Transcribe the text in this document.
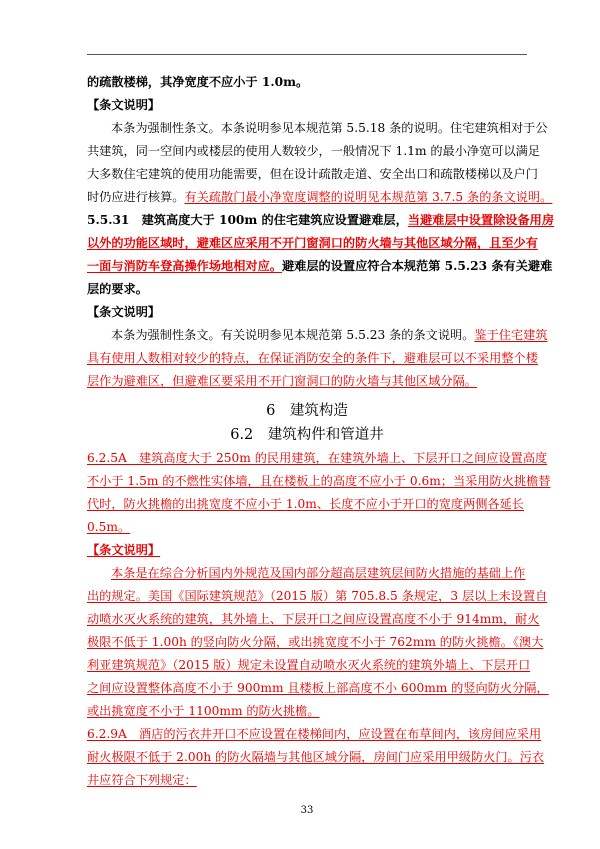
的疏散楼梯，其净宽度不应小于 1.0m。
【条文说明】
本条为强制性条文。本条说明参见本规范第 5.5.18 条的说明。住宅建筑相对于公
共建筑，同一空间内或楼层的使用人数较少，一般情况下 1.1m 的最小净宽可以满足
大多数住宅建筑的使用功能需要，但在设计疏散走道、安全出口和疏散楼梯以及户门
时仍应进行核算。有关疏散门最小净宽度调整的说明见本规范第 3.7.5 条的条文说明。
5.5.31　建筑高度大于 100m 的住宅建筑应设置避难层，当避难层中设置除设备用房
以外的功能区域时，避难区应采用不开门窗洞口的防火墙与其他区域分隔，且至少有
一面与消防车登高操作场地相对应。避难层的设置应符合本规范第 5.5.23 条有关避难
层的要求。
【条文说明】
本条为强制性条文。有关说明参见本规范第 5.5.23 条的条文说明。鉴于住宅建筑
具有使用人数相对较少的特点，在保证消防安全的条件下，避难层可以不采用整个楼
层作为避难区，但避难区要采用不开门窗洞口的防火墙与其他区域分隔。
6　建筑构造
6.2　建筑构件和管道井
6.2.5A　建筑高度大于 250m 的民用建筑，在建筑外墙上、下层开口之间应设置高度
不小于 1.5m 的不燃性实体墙，且在楼板上的高度不应小于 0.6m；当采用防火挑檐替
代时，防火挑檐的出挑宽度不应小于 1.0m、长度不应小于开口的宽度两侧各延长
0.5m。
【条文说明】
本条是在综合分析国内外规范及国内部分超高层建筑层间防火措施的基础上作
出的规定。美国《国际建筑规范》（2015 版）第 705.8.5 条规定，3 层以上未设置自
动喷水灭火系统的建筑，其外墙上、下层开口之间应设置高度不小于 914mm，耐火
极限不低于 1.00h 的竖向防火分隔，或出挑宽度不小于 762mm 的防火挑檐。《澳大
利亚建筑规范》（2015 版）规定未设置自动喷水灭火系统的建筑外墙上、下层开口
之间应设置整体高度不小于 900mm 且楼板上部高度不小 600mm 的竖向防火分隔，
或出挑宽度不小于 1100mm 的防火挑檐。
6.2.9A　酒店的污衣井开口不应设置在楼梯间内，应设置在布草间内，该房间应采用
耐火极限不低于 2.00h 的防火隔墙与其他区域分隔，房间门应采用甲级防火门。污衣
井应符合下列规定：
33
